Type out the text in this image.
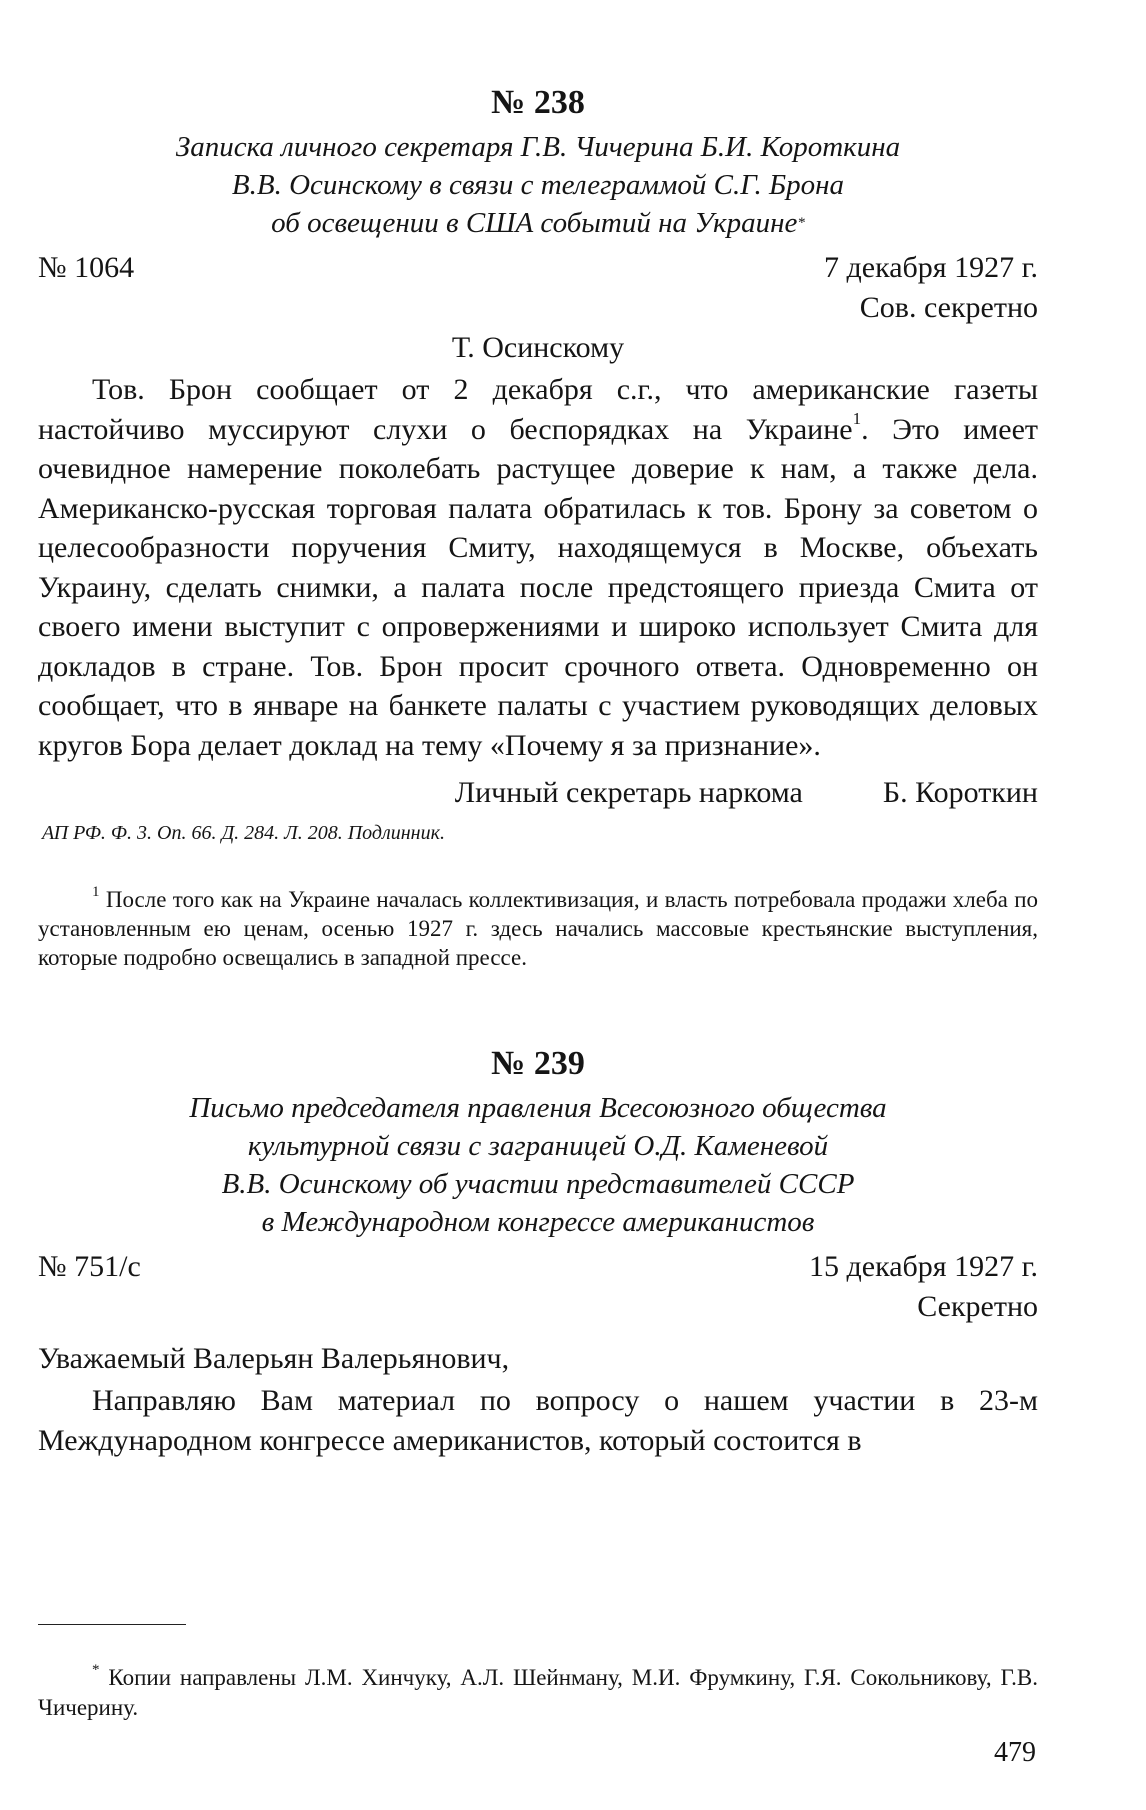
№ 238

Записка личного секретаря Г.В. Чичерина Б.И. Короткина
В.В. Осинскому в связи с телеграммой С.Г. Брона
об освещении в США событий на Украине*
№ 1064	7 декабря 1927 г.
Сов. секретно
Т. Осинскому

Тов. Брон сообщает от 2 декабря с.г., что американские газеты настойчиво муссируют слухи о беспорядках на Украине$^1$. Это имеет очевидное намерение поколебать растущее доверие к нам, а также дела. Американско-русская торговая палата обратилась к тов. Брону за советом о целесообразности поручения Смиту, находящемуся в Москве, объехать Украину, сделать снимки, а палата после предстоящего приезда Смита от своего имени выступит с опровержениями и широко использует Смита для докладов в стране. Тов. Брон просит срочного ответа. Одновременно он сообщает, что в январе на банкете палаты с участием руководящих деловых кругов Бора делает доклад на тему «Почему я за признание».

Личный секретарь наркома	Б. Короткин
АП РФ. Ф. 3. Оп. 66. Д. 284. Л. 208. Подлинник.

$^1$ После того как на Украине началась коллективизация, и власть потребовала продажи хлеба по установленным ею ценам, осенью 1927 г. здесь начались массовые крестьянские выступления, которые подробно освещались в западной прессе.

№ 239

Письмо председателя правления Всесоюзного общества
культурной связи с заграницей О.Д. Каменевой
В.В. Осинскому об участии представителей СССР
в Международном конгрессе американистов
№ 751/с	15 декабря 1927 г.
Секретно
Уважаемый Валерьян Валерьянович,

Направляю Вам материал по вопросу о нашем участии в 23-м Международном конгрессе американистов, который состоится в

* Копии направлены Л.М. Хинчуку, А.Л. Шейнману, М.И. Фрумкину, Г.Я. Сокольникову, Г.В. Чичерину.

479
